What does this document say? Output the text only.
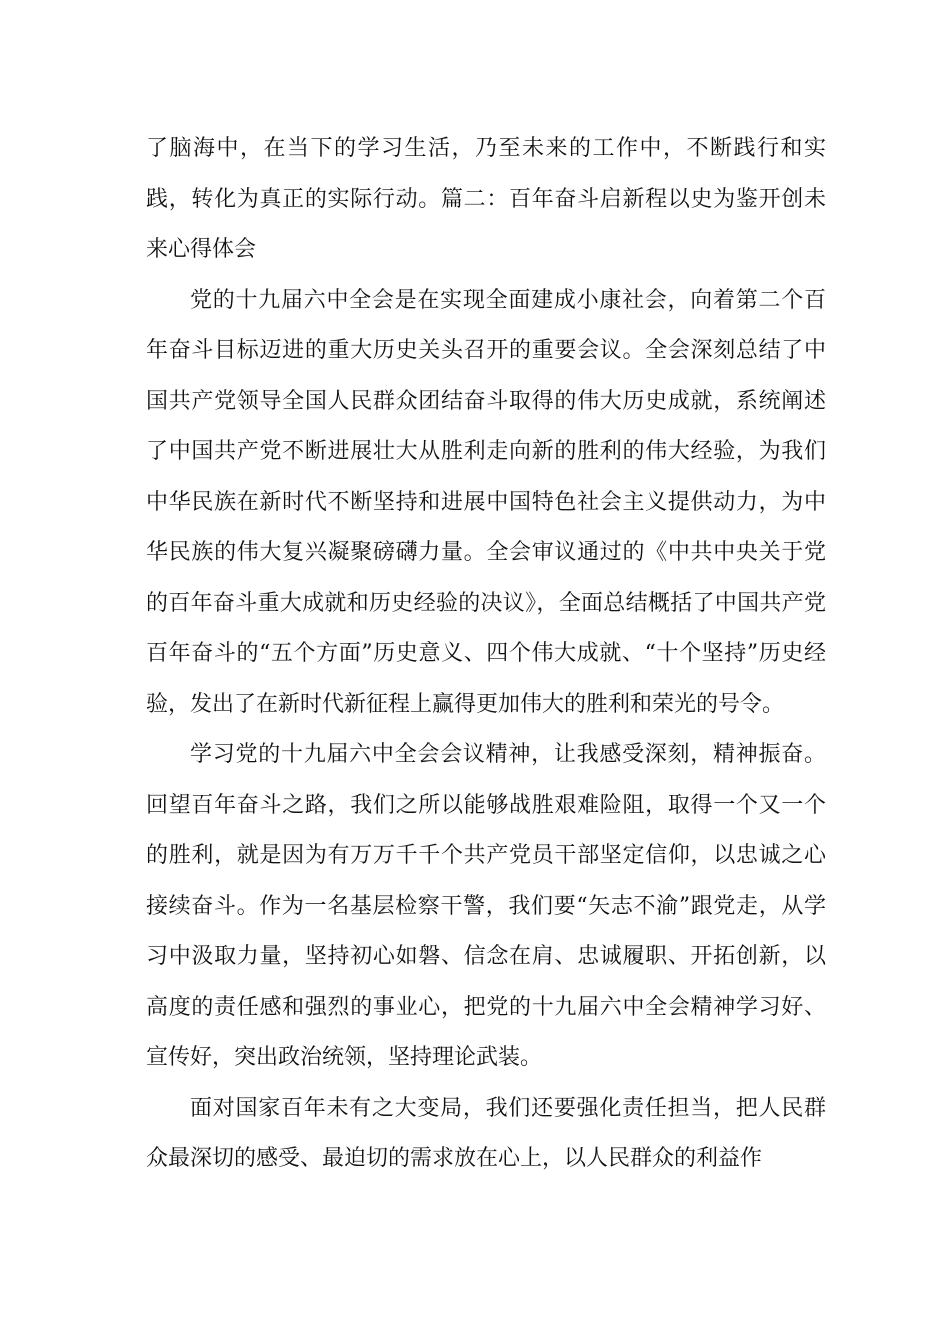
了脑海中，在当下的学习生活，乃至未来的工作中，不断践行和实践，转化为真正的实际行动。篇二：百年奋斗启新程以史为鉴开创未来心得体会

党的十九届六中全会是在实现全面建成小康社会，向着第二个百年奋斗目标迈进的重大历史关头召开的重要会议。全会深刻总结了中国共产党领导全国人民群众团结奋斗取得的伟大历史成就，系统阐述了中国共产党不断进展壮大从胜利走向新的胜利的伟大经验，为我们中华民族在新时代不断坚持和进展中国特色社会主义提供动力，为中华民族的伟大复兴凝聚磅礴力量。全会审议通过的《中共中央关于党的百年奋斗重大成就和历史经验的决议》，全面总结概括了中国共产党百年奋斗的“五个方面”历史意义、四个伟大成就、“十个坚持”历史经验，发出了在新时代新征程上赢得更加伟大的胜利和荣光的号令。

学习党的十九届六中全会会议精神，让我感受深刻，精神振奋。回望百年奋斗之路，我们之所以能够战胜艰难险阻，取得一个又一个的胜利，就是因为有万万千千个共产党员干部坚定信仰，以忠诚之心接续奋斗。作为一名基层检察干警，我们要“矢志不渝”跟党走，从学习中汲取力量，坚持初心如磐、信念在肩、忠诚履职、开拓创新，以高度的责任感和强烈的事业心，把党的十九届六中全会精神学习好、宣传好，突出政治统领，坚持理论武装。

面对国家百年未有之大变局，我们还要强化责任担当，把人民群众最深切的感受、最迫切的需求放在心上，以人民群众的利益作
